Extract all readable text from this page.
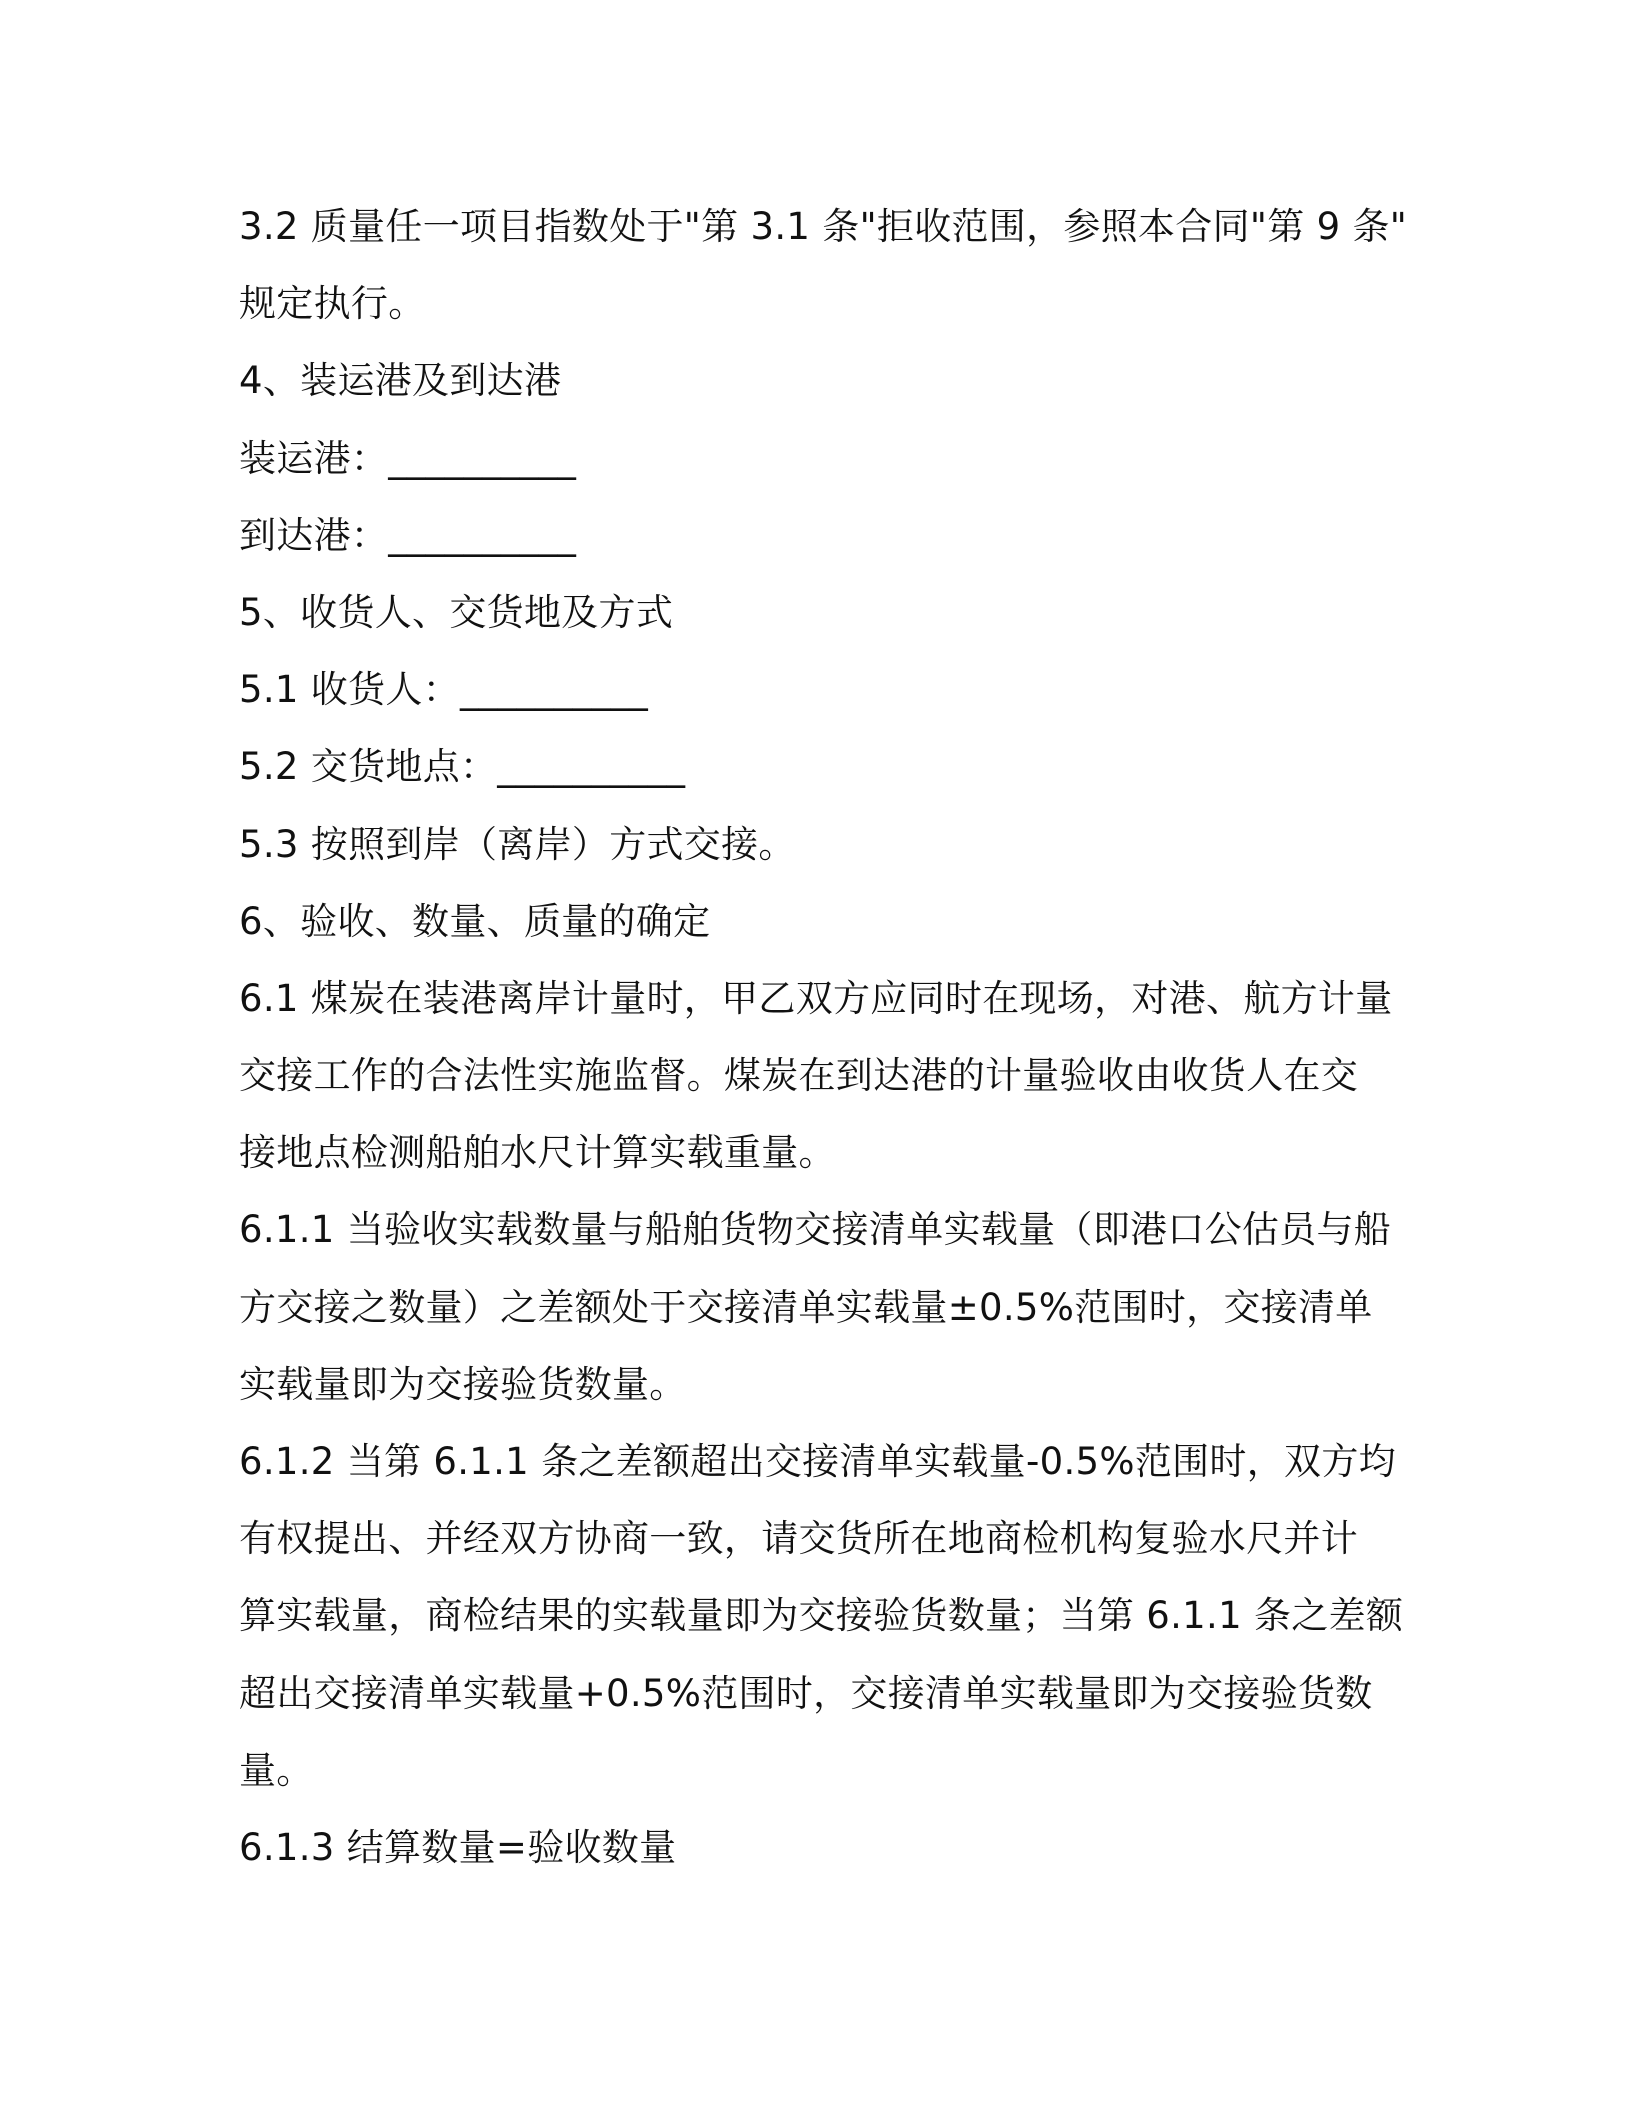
3.2 质量任一项目指数处于"第 3.1 条"拒收范围，参照本合同"第 9 条"
规定执行。
4、装运港及到达港
装运港：__________
到达港：__________
5、收货人、交货地及方式
5.1 收货人：__________
5.2 交货地点：__________
5.3 按照到岸（离岸）方式交接。
6、验收、数量、质量的确定
6.1 煤炭在装港离岸计量时，甲乙双方应同时在现场，对港、航方计量
交接工作的合法性实施监督。煤炭在到达港的计量验收由收货人在交
接地点检测船舶水尺计算实载重量。
6.1.1 当验收实载数量与船舶货物交接清单实载量（即港口公估员与船
方交接之数量）之差额处于交接清单实载量±0.5%范围时，交接清单
实载量即为交接验货数量。
6.1.2 当第 6.1.1 条之差额超出交接清单实载量-0.5%范围时，双方均
有权提出、并经双方协商一致，请交货所在地商检机构复验水尺并计
算实载量，商检结果的实载量即为交接验货数量；当第 6.1.1 条之差额
超出交接清单实载量+0.5%范围时，交接清单实载量即为交接验货数
量。
6.1.3 结算数量=验收数量
